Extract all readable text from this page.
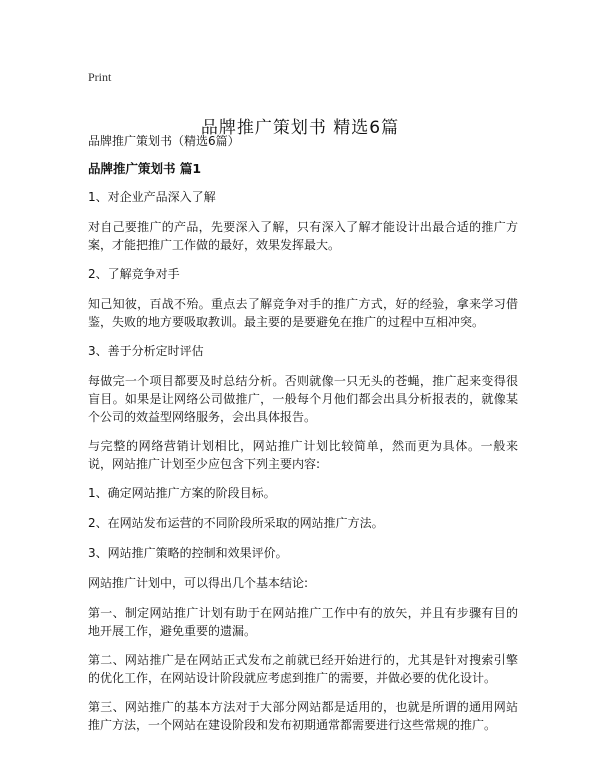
Print
品牌推广策划书 精选6篇

品牌推广策划书（精选6篇）

品牌推广策划书 篇1

1、对企业产品深入了解

对自己要推广的产品，先要深入了解，只有深入了解才能设计出最合适的推广方案，才能把推广工作做的最好，效果发挥最大。

2、了解竞争对手

知己知彼，百战不殆。重点去了解竞争对手的推广方式，好的经验，拿来学习借鉴，失败的地方要吸取教训。最主要的是要避免在推广的过程中互相冲突。

3、善于分析定时评估

每做完一个项目都要及时总结分析。否则就像一只无头的苍蝇，推广起来变得很盲目。如果是让网络公司做推广，一般每个月他们都会出具分析报表的，就像某个公司的效益型网络服务，会出具体报告。

与完整的网络营销计划相比，网站推广计划比较简单，然而更为具体。一般来说，网站推广计划至少应包含下列主要内容:

1、确定网站推广方案的阶段目标。

2、在网站发布运营的不同阶段所采取的网站推广方法。

3、网站推广策略的控制和效果评价。

网站推广计划中，可以得出几个基本结论:

第一、制定网站推广计划有助于在网站推广工作中有的放矢，并且有步骤有目的地开展工作，避免重要的遗漏。

第二、网站推广是在网站正式发布之前就已经开始进行的，尤其是针对搜索引擎的优化工作，在网站设计阶段就应考虑到推广的需要，并做必要的优化设计。

第三、网站推广的基本方法对于大部分网站都是适用的，也就是所谓的通用网站推广方法，一个网站在建设阶段和发布初期通常都需要进行这些常规的推广。
